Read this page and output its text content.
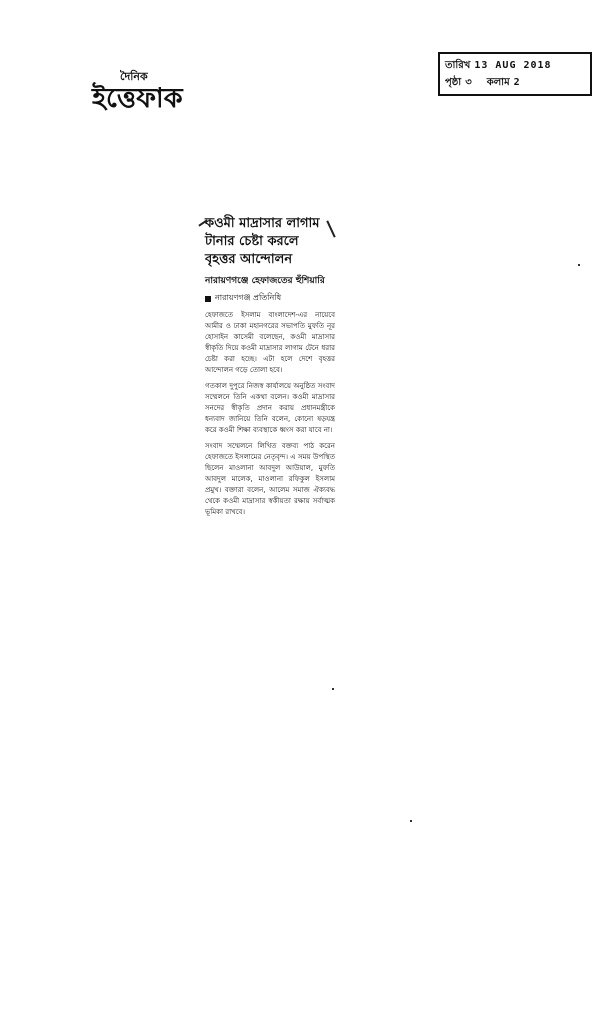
দৈনিক
ইত্তেফাক
তারিখ 13 AUG 2018
পৃষ্ঠা ৩ কলাম 2
কওমী মাদ্রাসার লাগাম
টানার চেষ্টা করলে
বৃহত্তর আন্দোলন
নারায়ণগঞ্জে হেফাজতের হুঁশিয়ারি
নারায়ণগঞ্জ প্রতিনিধি
হেফাজতে ইসলাম বাংলাদেশ-এর নায়েবে আমীর ও ঢাকা মহানগরের সভাপতি মুফতি নূর হোসাইন কাসেমী বলেছেন, কওমী মাদ্রাসার স্বীকৃতি দিয়ে কওমী মাদ্রাসার লাগাম টেনে ধরার চেষ্টা করা হচ্ছে। এটা হলে দেশে বৃহত্তর আন্দোলন গড়ে তোলা হবে।
গতকাল দুপুরে নিজস্ব কার্যালয়ে অনুষ্ঠিত সংবাদ সম্মেলনে তিনি একথা বলেন। কওমী মাদ্রাসার সনদের স্বীকৃতি প্রদান করায় প্রধানমন্ত্রীকে ধন্যবাদ জানিয়ে তিনি বলেন, কোনো ষড়যন্ত্র করে কওমী শিক্ষা ব্যবস্থাকে ধ্বংস করা যাবে না।
সংবাদ সম্মেলনে লিখিত বক্তব্য পাঠ করেন হেফাজতে ইসলামের নেতৃবৃন্দ। এ সময় উপস্থিত ছিলেন মাওলানা আবদুল আউয়াল, মুফতি আবদুল মালেক, মাওলানা রফিকুল ইসলাম প্রমুখ। বক্তারা বলেন, আলেম সমাজ ঐক্যবদ্ধ থেকে কওমী মাদ্রাসার স্বকীয়তা রক্ষায় সর্বাত্মক ভূমিকা রাখবে।
